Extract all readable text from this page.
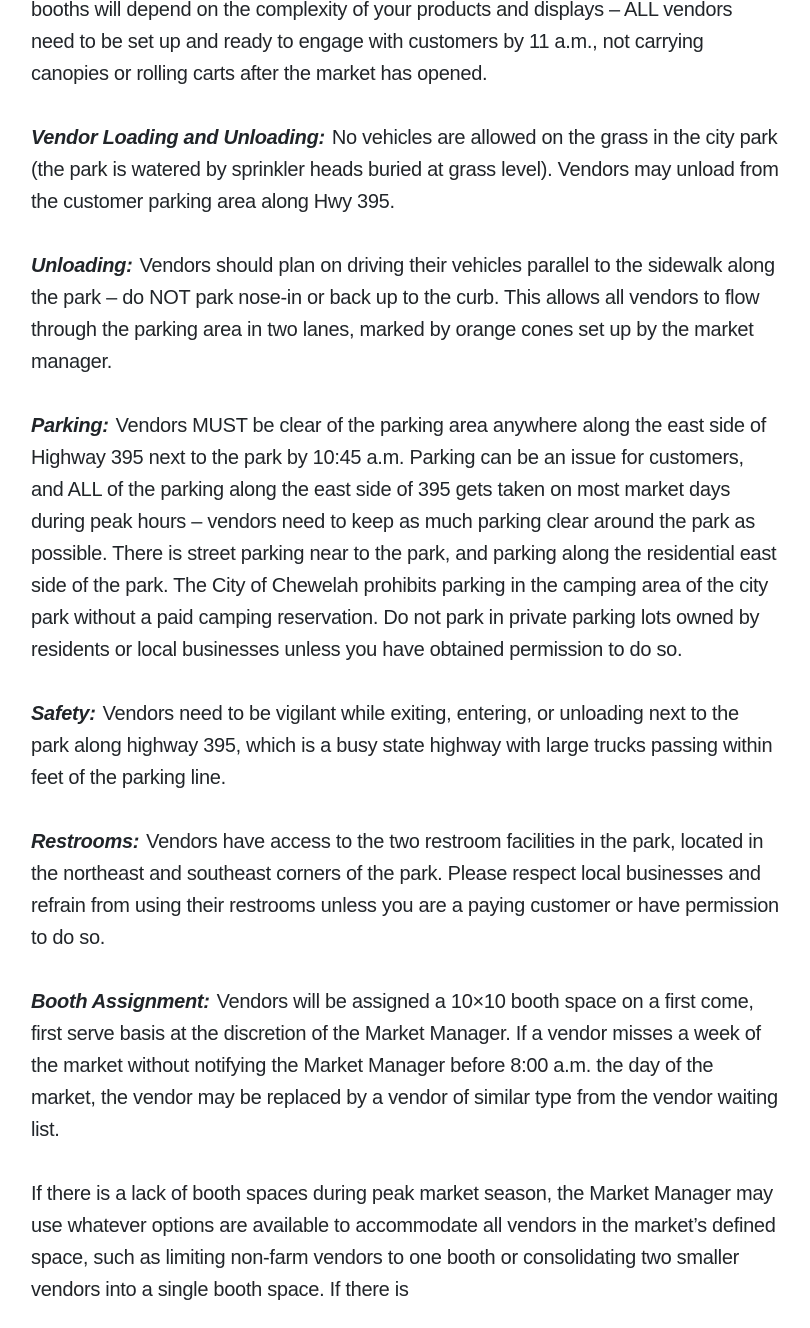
booths will depend on the complexity of your products and displays – ALL vendors need to be set up and ready to engage with customers by 11 a.m., not carrying canopies or rolling carts after the market has opened.

Vendor Loading and Unloading: No vehicles are allowed on the grass in the city park (the park is watered by sprinkler heads buried at grass level). Vendors may unload from the customer parking area along Hwy 395.

Unloading: Vendors should plan on driving their vehicles parallel to the sidewalk along the park – do NOT park nose-in or back up to the curb. This allows all vendors to flow through the parking area in two lanes, marked by orange cones set up by the market manager.

Parking: Vendors MUST be clear of the parking area anywhere along the east side of Highway 395 next to the park by 10:45 a.m. Parking can be an issue for customers, and ALL of the parking along the east side of 395 gets taken on most market days during peak hours – vendors need to keep as much parking clear around the park as possible. There is street parking near to the park, and parking along the residential east side of the park. The City of Chewelah prohibits parking in the camping area of the city park without a paid camping reservation. Do not park in private parking lots owned by residents or local businesses unless you have obtained permission to do so.

Safety: Vendors need to be vigilant while exiting, entering, or unloading next to the park along highway 395, which is a busy state highway with large trucks passing within feet of the parking line.

Restrooms: Vendors have access to the two restroom facilities in the park, located in the northeast and southeast corners of the park. Please respect local businesses and refrain from using their restrooms unless you are a paying customer or have permission to do so.

Booth Assignment: Vendors will be assigned a 10×10 booth space on a first come, first serve basis at the discretion of the Market Manager. If a vendor misses a week of the market without notifying the Market Manager before 8:00 a.m. the day of the market, the vendor may be replaced by a vendor of similar type from the vendor waiting list.

If there is a lack of booth spaces during peak market season, the Market Manager may use whatever options are available to accommodate all vendors in the market’s defined space, such as limiting non-farm vendors to one booth or consolidating two smaller vendors into a single booth space. If there is
